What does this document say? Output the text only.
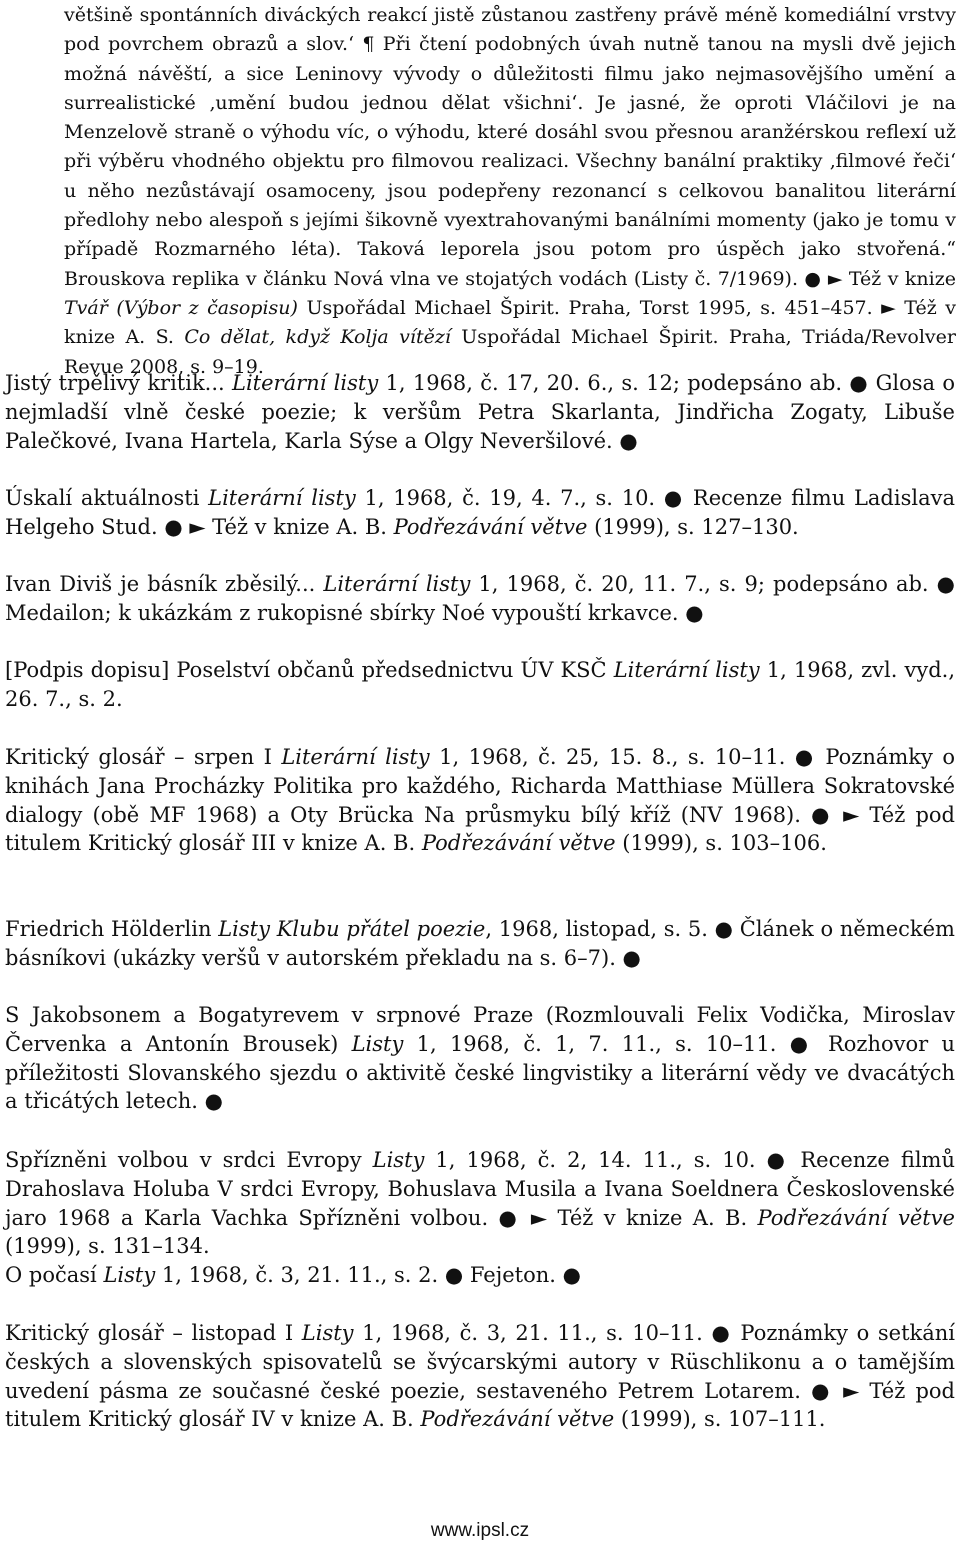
většině spontánních diváckých reakcí jistě zůstanou zastřeny právě méně komediální vrstvy pod povrchem obrazů a slov.‘ ¶ Při čtení podobných úvah nutně tanou na mysli dvě jejich možná návěští, a sice Leninovy vývody o důležitosti filmu jako nejmasovějšího umění a surrealistické ‚umění budou jednou dělat všichni‘. Je jasné, že oproti Vláčilovi je na Menzelově straně o výhodu víc, o výhodu, které dosáhl svou přesnou aranžérskou reflexí už při výběru vhodného objektu pro filmovou realizaci. Všechny banální praktiky ‚filmové řeči‘ u něho nezůstávají osamoceny, jsou podepřeny rezonancí s celkovou banalitou literární předlohy nebo alespoň s jejími šikovně vyextrahovanými banálními momenty (jako je tomu v případě Rozmarného léta). Taková leporela jsou potom pro úspěch jako stvořená.“ Brouskova replika v článku Nová vlna ve stojatých vodách (Listy č. 7/1969). ● ► Též v knize Tvář (Výbor z časopisu) Uspořádal Michael Špirit. Praha, Torst 1995, s. 451–457. ► Též v knize A. S. Co dělat, když Kolja vítězí Uspořádal Michael Špirit. Praha, Triáda/Revolver Revue 2008, s. 9–19.

Jistý trpělivý kritik... Literární listy 1, 1968, č. 17, 20. 6., s. 12; podepsáno ab. ● Glosa o nejmladší vlně české poezie; k veršům Petra Skarlanta, Jindřicha Zogaty, Libuše Palečkové, Ivana Hartela, Karla Sýse a Olgy Neveršilové. ●

Úskalí aktuálnosti Literární listy 1, 1968, č. 19, 4. 7., s. 10. ● Recenze filmu Ladislava Helgeho Stud. ● ► Též v knize A. B. Podřezávání větve (1999), s. 127–130.

Ivan Diviš je básník zběsilý... Literární listy 1, 1968, č. 20, 11. 7., s. 9; podepsáno ab. ● Medailon; k ukázkám z rukopisné sbírky Noé vypouští krkavce. ●

[Podpis dopisu] Poselství občanů předsednictvu ÚV KSČ Literární listy 1, 1968, zvl. vyd., 26. 7., s. 2.

Kritický glosář – srpen I Literární listy 1, 1968, č. 25, 15. 8., s. 10–11. ● Poznámky o knihách Jana Procházky Politika pro každého, Richarda Matthiase Müllera Sokratovské dialogy (obě MF 1968) a Oty Brücka Na průsmyku bílý kříž (NV 1968). ● ► Též pod titulem Kritický glosář III v knize A. B. Podřezávání větve (1999), s. 103–106.

Friedrich Hölderlin Listy Klubu přátel poezie, 1968, listopad, s. 5. ● Článek o německém básníkovi (ukázky veršů v autorském překladu na s. 6–7). ●

S Jakobsonem a Bogatyrevem v srpnové Praze (Rozmlouvali Felix Vodička, Miroslav Červenka a Antonín Brousek) Listy 1, 1968, č. 1, 7. 11., s. 10–11. ● Rozhovor u příležitosti Slovanského sjezdu o aktivitě české lingvistiky a literární vědy ve dvacátých a třicátých letech. ●

Spřízněni volbou v srdci Evropy Listy 1, 1968, č. 2, 14. 11., s. 10. ● Recenze filmů Drahoslava Holuba V srdci Evropy, Bohuslava Musila a Ivana Soeldnera Československé jaro 1968 a Karla Vachka Spřízněni volbou. ● ► Též v knize A. B. Podřezávání větve (1999), s. 131–134.

O počasí Listy 1, 1968, č. 3, 21. 11., s. 2. ● Fejeton. ●

Kritický glosář – listopad I Listy 1, 1968, č. 3, 21. 11., s. 10–11. ● Poznámky o setkání českých a slovenských spisovatelů se švýcarskými autory v Rüschlikonu a o tamějším uvedení pásma ze současné české poezie, sestaveného Petrem Lotarem. ● ► Též pod titulem Kritický glosář IV v knize A. B. Podřezávání větve (1999), s. 107–111.

www.ipsl.cz
